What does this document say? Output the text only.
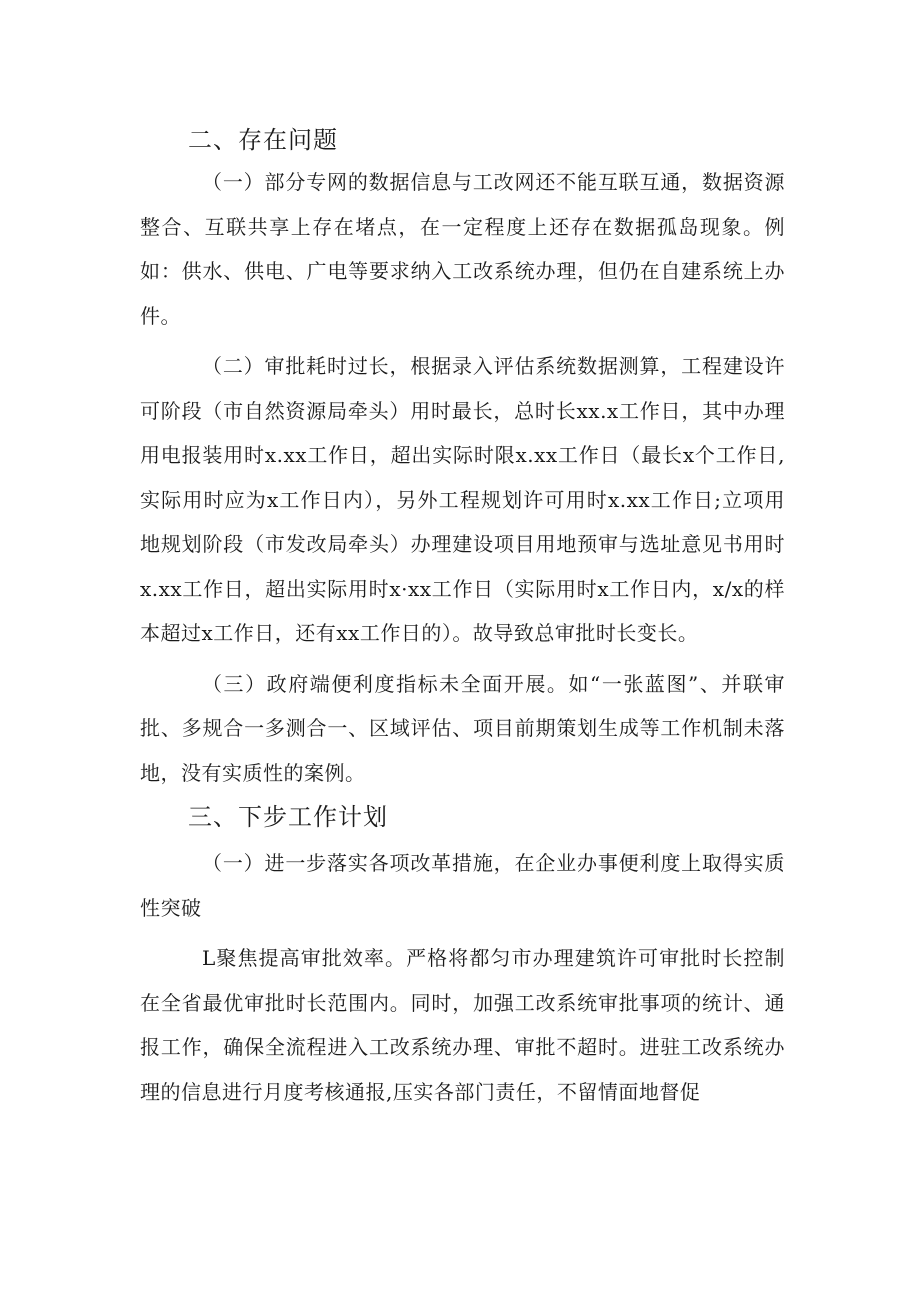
二、存在问题

（一）部分专网的数据信息与工改网还不能互联互通，数据资源整合、互联共享上存在堵点，在一定程度上还存在数据孤岛现象。例如：供水、供电、广电等要求纳入工改系统办理，但仍在自建系统上办件。

（二）审批耗时过长，根据录入评估系统数据测算，工程建设许可阶段（市自然资源局牵头）用时最长，总时长xx.x工作日，其中办理用电报装用时x.xx工作日，超出实际时限x.xx工作日（最长x个工作日,实际用时应为x工作日内），另外工程规划许可用时x.xx工作日;立项用地规划阶段（市发改局牵头）办理建设项目用地预审与选址意见书用时x.xx工作日，超出实际用时x·xx工作日（实际用时x工作日内，x/x的样本超过x工作日，还有xx工作日的）。故导致总审批时长变长。

（三）政府端便利度指标未全面开展。如“一张蓝图”、并联审批、多规合一多测合一、区域评估、项目前期策划生成等工作机制未落地，没有实质性的案例。

三、下步工作计划

（一）进一步落实各项改革措施，在企业办事便利度上取得实质性突破

L聚焦提高审批效率。严格将都匀市办理建筑许可审批时长控制在全省最优审批时长范围内。同时，加强工改系统审批事项的统计、通报工作，确保全流程进入工改系统办理、审批不超时。进驻工改系统办理的信息进行月度考核通报,压实各部门责任，不留情面地督促
